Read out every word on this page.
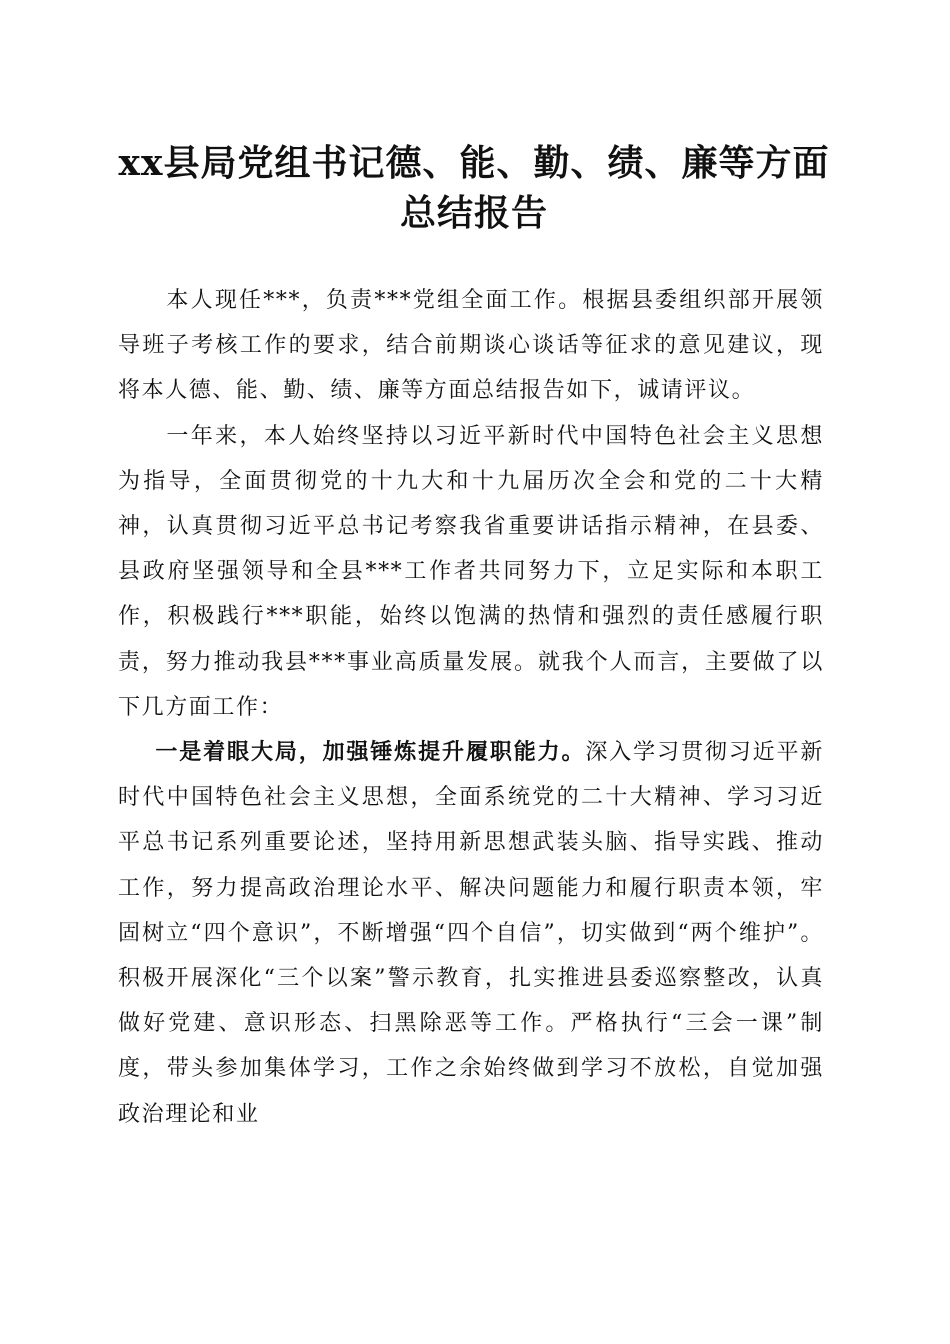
xx县局党组书记德、能、勤、绩、廉等方面
总结报告

本人现任***，负责***党组全面工作。根据县委组织部开展领导班子考核工作的要求，结合前期谈心谈话等征求的意见建议，现将本人德、能、勤、绩、廉等方面总结报告如下，诚请评议。

一年来，本人始终坚持以习近平新时代中国特色社会主义思想为指导，全面贯彻党的十九大和十九届历次全会和党的二十大精神，认真贯彻习近平总书记考察我省重要讲话指示精神，在县委、县政府坚强领导和全县***工作者共同努力下，立足实际和本职工作，积极践行***职能，始终以饱满的热情和强烈的责任感履行职责，努力推动我县***事业高质量发展。就我个人而言，主要做了以下几方面工作：

一是着眼大局，加强锤炼提升履职能力。深入学习贯彻习近平新时代中国特色社会主义思想，全面系统党的二十大精神、学习习近平总书记系列重要论述，坚持用新思想武装头脑、指导实践、推动工作，努力提高政治理论水平、解决问题能力和履行职责本领，牢固树立“四个意识”，不断增强“四个自信”，切实做到“两个维护”。积极开展深化“三个以案”警示教育，扎实推进县委巡察整改，认真做好党建、意识形态、扫黑除恶等工作。严格执行“三会一课”制度，带头参加集体学习，工作之余始终做到学习不放松，自觉加强政治理论和业
